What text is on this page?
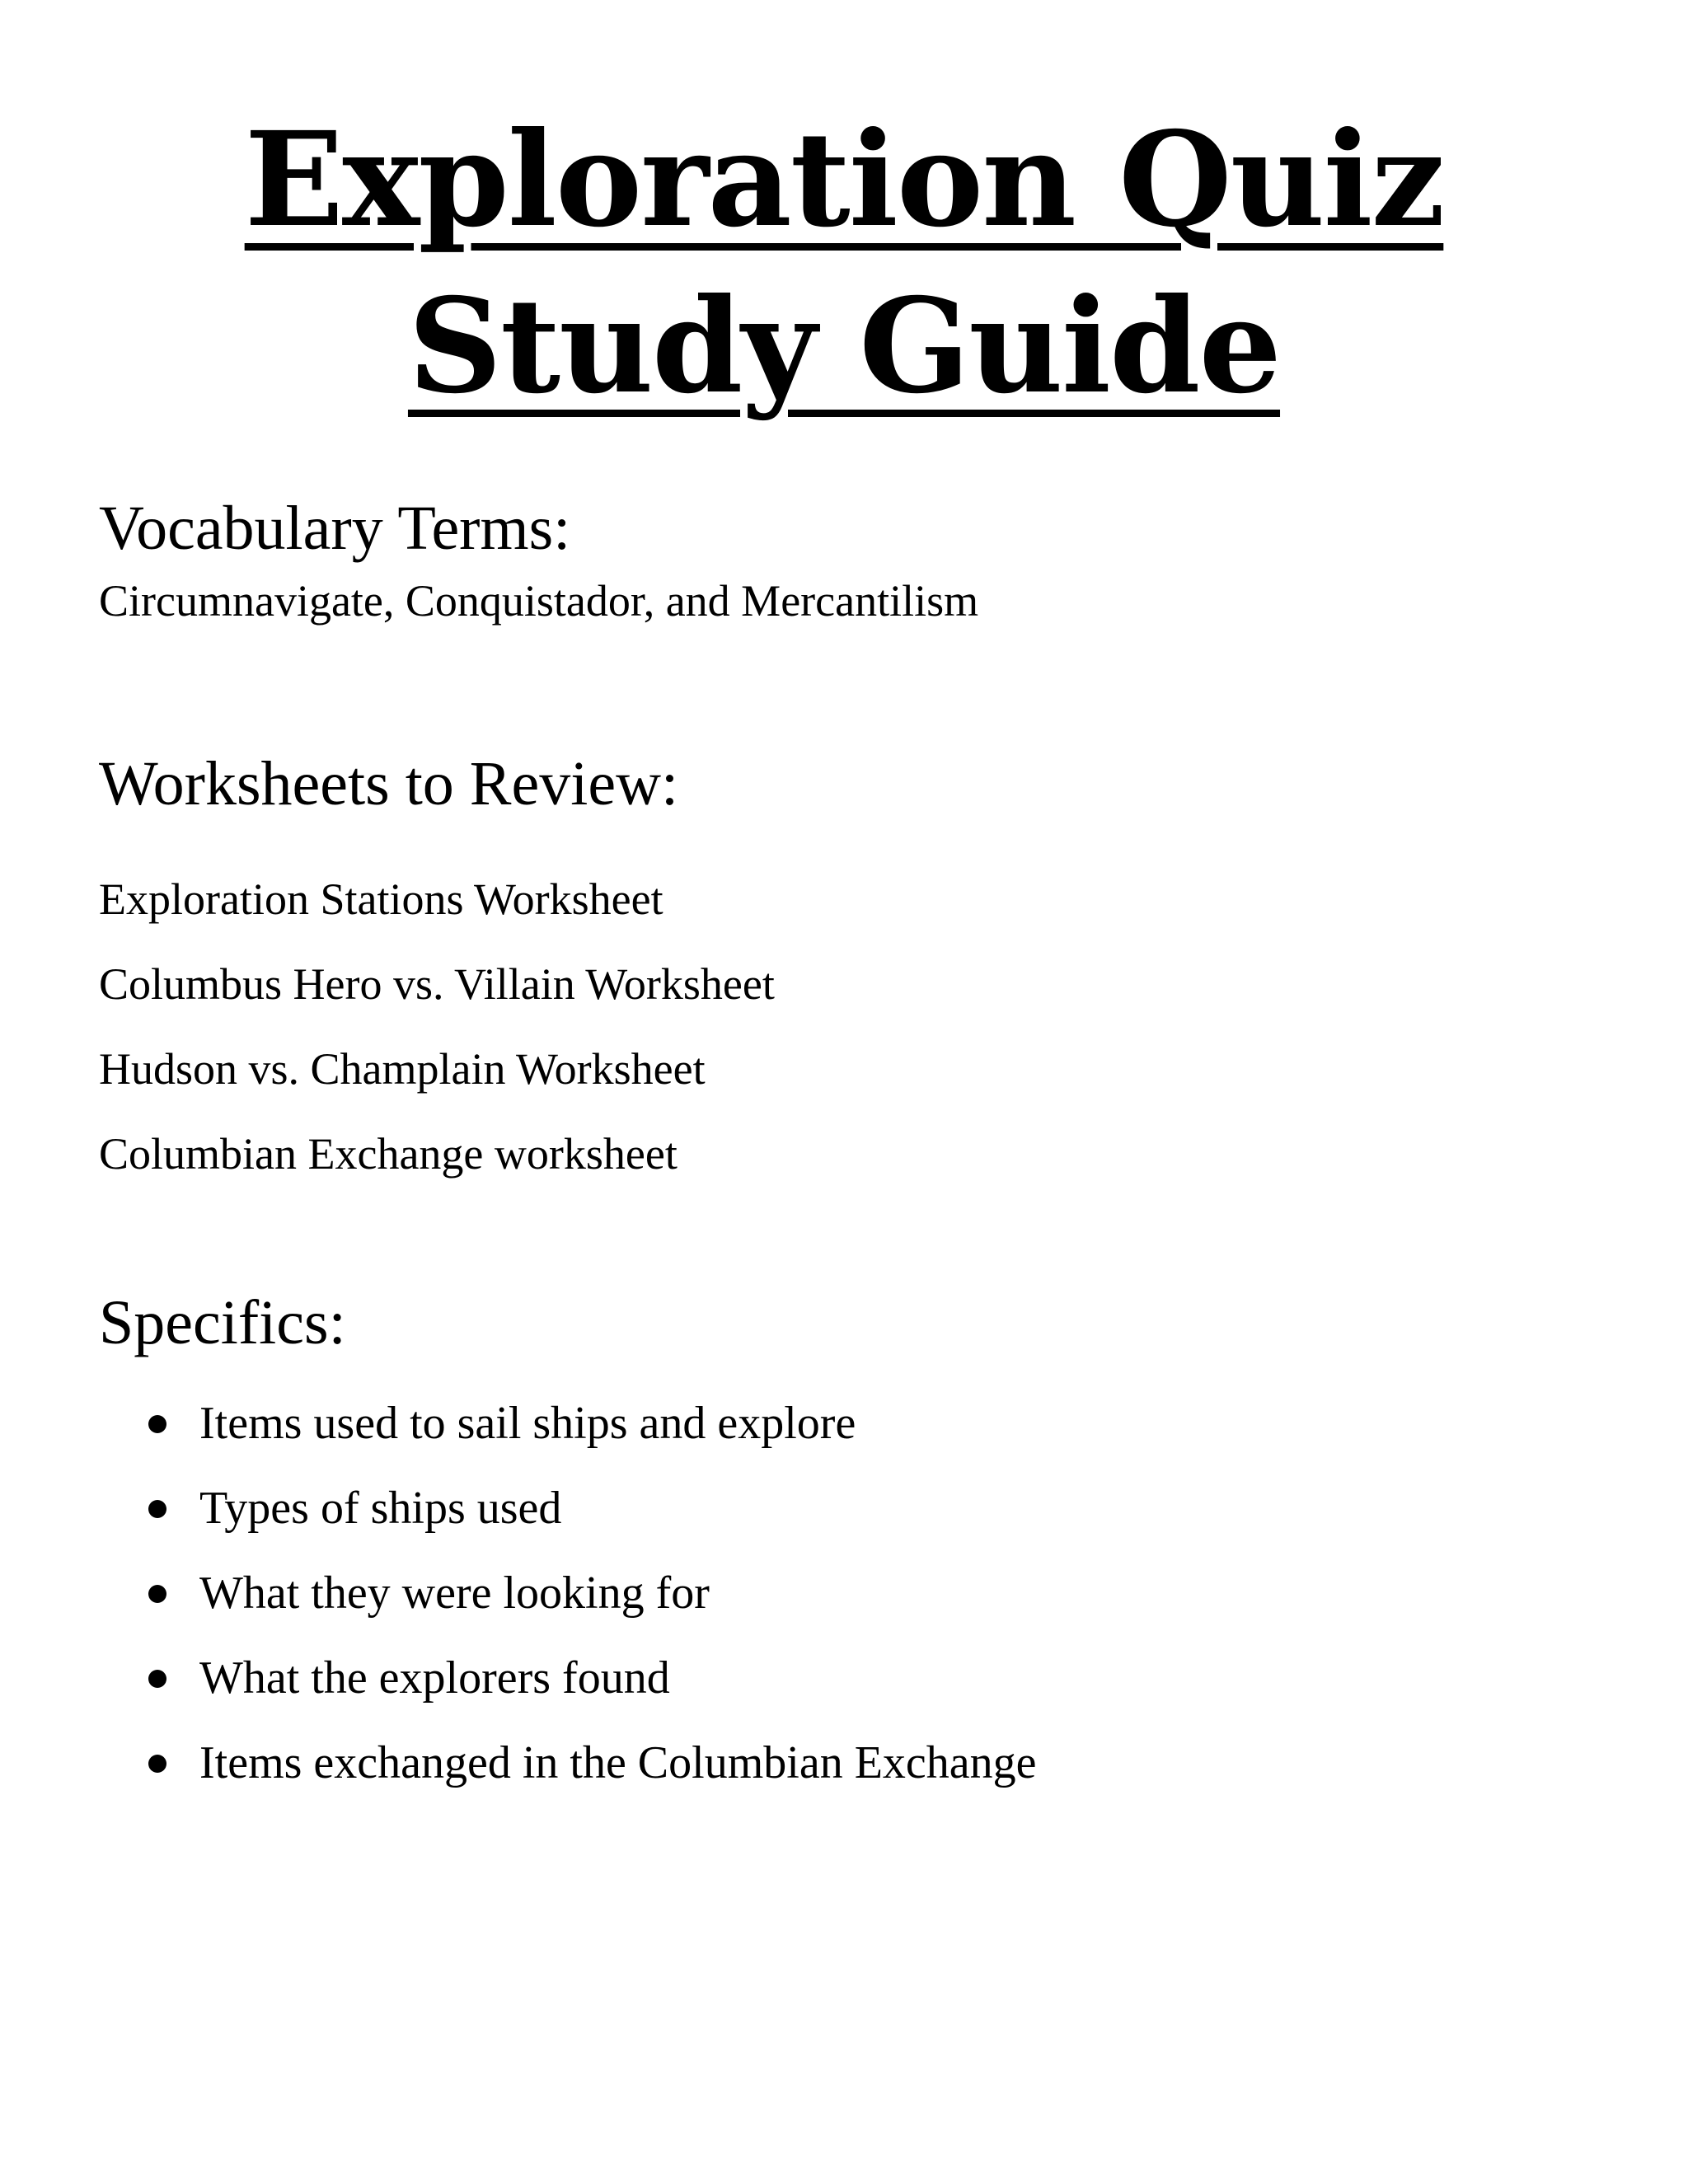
Exploration Quiz
Study Guide
Vocabulary Terms:
Circumnavigate, Conquistador, and Mercantilism
Worksheets to Review:
Exploration Stations Worksheet
Columbus Hero vs. Villain Worksheet
Hudson vs. Champlain Worksheet
Columbian Exchange worksheet
Specifics:
Items used to sail ships and explore
Types of ships used
What they were looking for
What the explorers found
Items exchanged in the Columbian Exchange
